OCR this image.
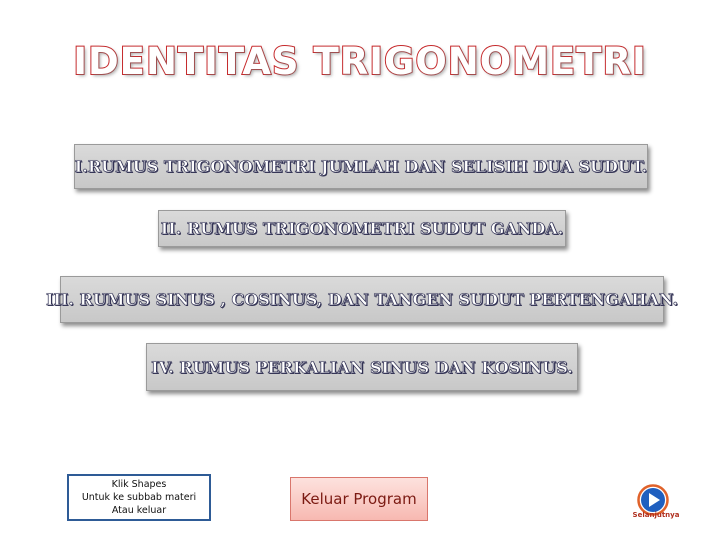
IDENTITAS TRIGONOMETRI
I.RUMUS TRIGONOMETRI JUMLAH DAN SELISIH DUA SUDUT.
II. RUMUS TRIGONOMETRI SUDUT GANDA.
III. RUMUS SINUS , COSINUS, DAN TANGEN SUDUT PERTENGAHAN.
IV. RUMUS PERKALIAN SINUS DAN KOSINUS.
Klik Shapes
Untuk ke subbab materi
Atau keluar
Keluar Program
Selanjutnya
